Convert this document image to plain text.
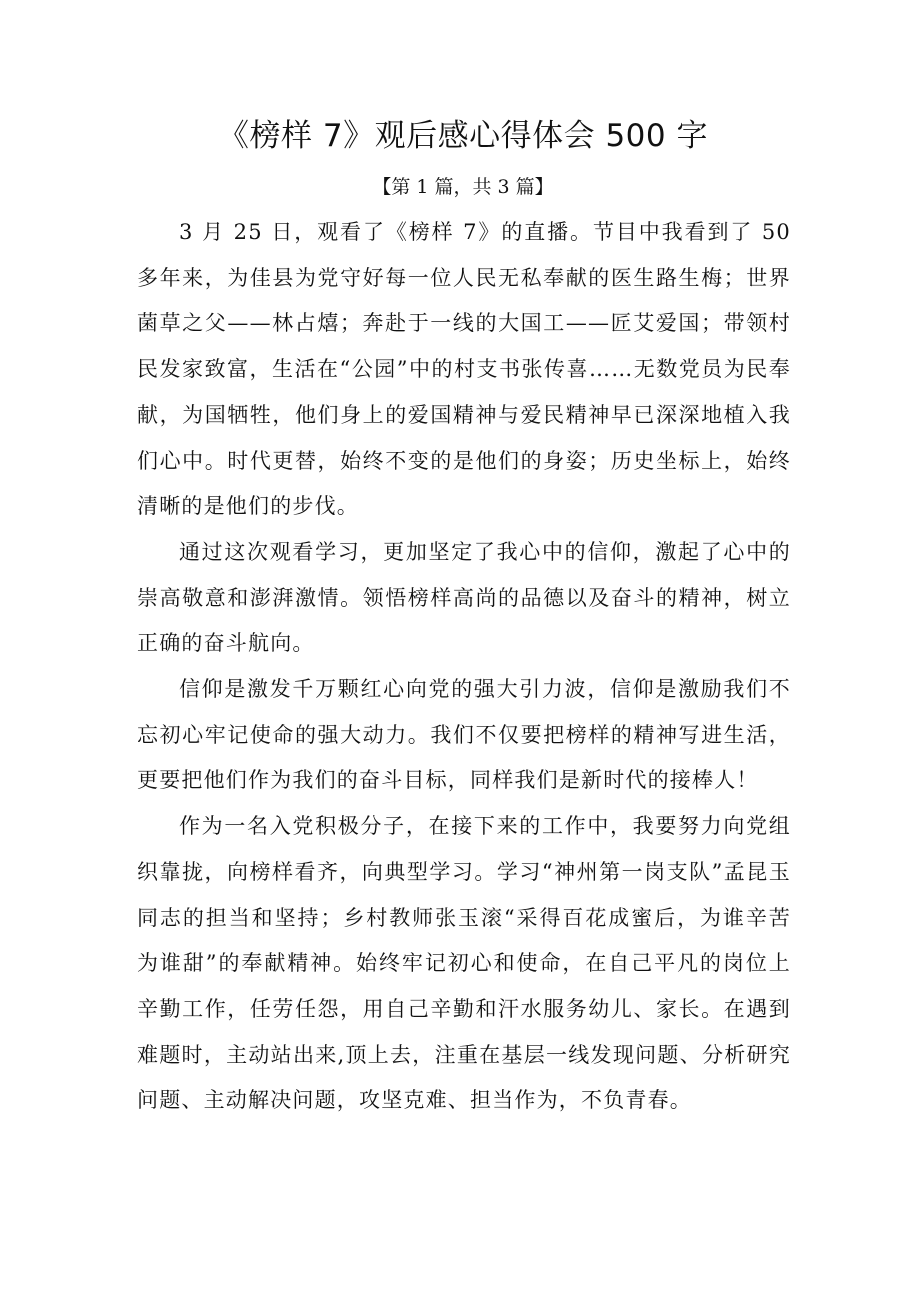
《榜样 7》观后感心得体会 500 字
【第 1 篇，共 3 篇】

3 月 25 日，观看了《榜样 7》的直播。节目中我看到了 50 多年来，为佳县为党守好每一位人民无私奉献的医生路生梅；世界菌草之父——林占熺；奔赴于一线的大国工——匠艾爱国；带领村民发家致富，生活在“公园”中的村支书张传喜……无数党员为民奉献，为国牺牲，他们身上的爱国精神与爱民精神早已深深地植入我们心中。时代更替，始终不变的是他们的身姿；历史坐标上，始终清晰的是他们的步伐。

通过这次观看学习，更加坚定了我心中的信仰，激起了心中的崇高敬意和澎湃激情。领悟榜样高尚的品德以及奋斗的精神，树立正确的奋斗航向。

信仰是激发千万颗红心向党的强大引力波，信仰是激励我们不忘初心牢记使命的强大动力。我们不仅要把榜样的精神写进生活，更要把他们作为我们的奋斗目标，同样我们是新时代的接棒人！

作为一名入党积极分子，在接下来的工作中，我要努力向党组织靠拢，向榜样看齐，向典型学习。学习“神州第一岗支队”孟昆玉同志的担当和坚持；乡村教师张玉滚“采得百花成蜜后，为谁辛苦为谁甜”的奉献精神。始终牢记初心和使命，在自己平凡的岗位上辛勤工作，任劳任怨，用自己辛勤和汗水服务幼儿、家长。在遇到难题时，主动站出来,顶上去，注重在基层一线发现问题、分析研究问题、主动解决问题，攻坚克难、担当作为，不负青春。
